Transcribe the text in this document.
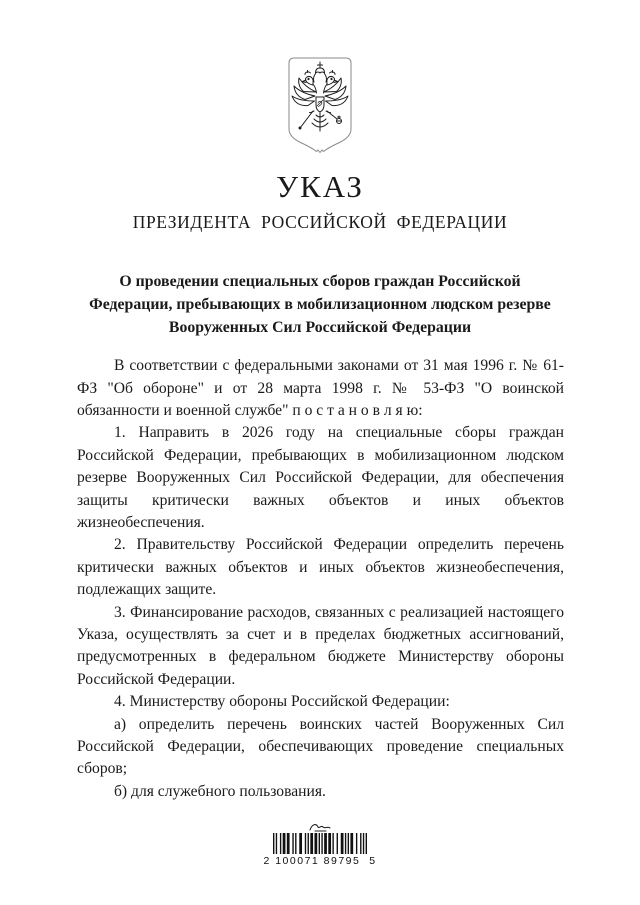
УКАЗ
ПРЕЗИДЕНТА РОССИЙСКОЙ ФЕДЕРАЦИИ
О проведении специальных сборов граждан Российской Федерации, пребывающих в мобилизационном людском резерве Вооруженных Сил Российской Федерации

В соответствии с федеральными законами от 31 мая 1996 г. № 61-ФЗ "Об обороне" и от 28 марта 1998 г. № 53-ФЗ "О воинской обязанности и военной службе" п о с т а н о в л я ю:

1. Направить в 2026 году на специальные сборы граждан Российской Федерации, пребывающих в мобилизационном людском резерве Вооруженных Сил Российской Федерации, для обеспечения защиты критически важных объектов и иных объектов жизнеобеспечения.

2. Правительству Российской Федерации определить перечень критически важных объектов и иных объектов жизнеобеспечения, подлежащих защите.

3. Финансирование расходов, связанных с реализацией настоящего Указа, осуществлять за счет и в пределах бюджетных ассигнований, предусмотренных в федеральном бюджете Министерству обороны Российской Федерации.

4. Министерству обороны Российской Федерации:

а) определить перечень воинских частей Вооруженных Сил Российской Федерации, обеспечивающих проведение специальных сборов;

б) для служебного пользования.

2 100071 89795  5
